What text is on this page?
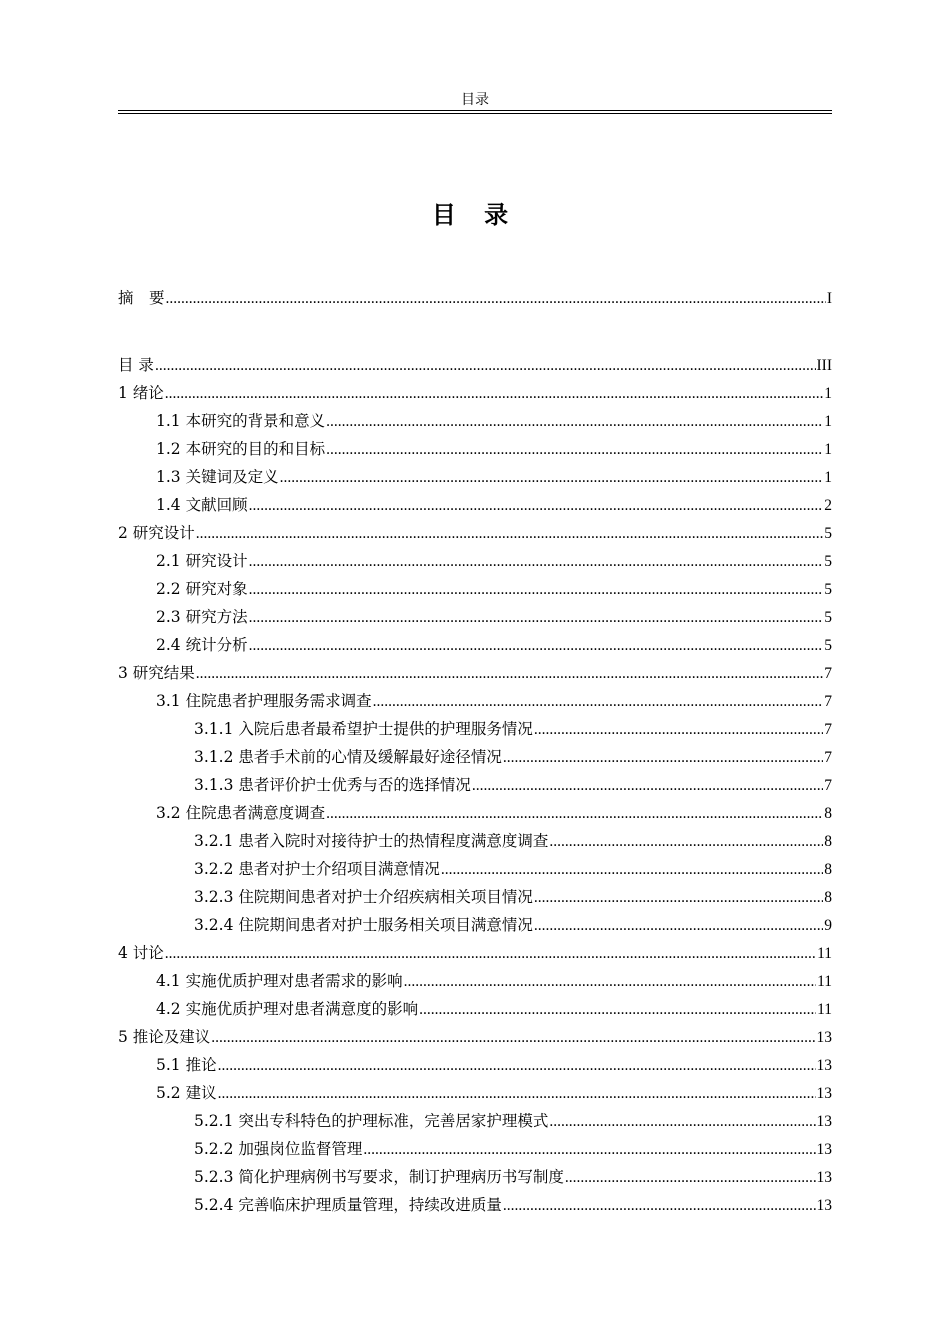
目录
目 录
摘　要 .....	I
目 录 .....	III
1 绪论 .....	1
1.1 本研究的背景和意义 .....	1
1.2 本研究的目的和目标 .....	1
1.3 关键词及定义 .....	1
1.4 文献回顾 .....	2
2 研究设计 .....	5
2.1 研究设计 .....	5
2.2 研究对象 .....	5
2.3 研究方法 .....	5
2.4 统计分析 .....	5
3 研究结果 .....	7
3.1 住院患者护理服务需求调查 .....	7
3.1.1 入院后患者最希望护士提供的护理服务情况 .....	7
3.1.2 患者手术前的心情及缓解最好途径情况 .....	7
3.1.3 患者评价护士优秀与否的选择情况 .....	7
3.2 住院患者满意度调查 .....	8
3.2.1 患者入院时对接待护士的热情程度满意度调查 .....	8
3.2.2 患者对护士介绍项目满意情况 .....	8
3.2.3 住院期间患者对护士介绍疾病相关项目情况 .....	8
3.2.4 住院期间患者对护士服务相关项目满意情况 .....	9
4 讨论 .....	11
4.1 实施优质护理对患者需求的影响 .....	11
4.2 实施优质护理对患者满意度的影响 .....	11
5 推论及建议 .....	13
5.1 推论 .....	13
5.2 建议 .....	13
5.2.1 突出专科特色的护理标准，完善居家护理模式 .....	13
5.2.2 加强岗位监督管理 .....	13
5.2.3 简化护理病例书写要求，制订护理病历书写制度 .....	13
5.2.4 完善临床护理质量管理，持续改进质量 .....	13
